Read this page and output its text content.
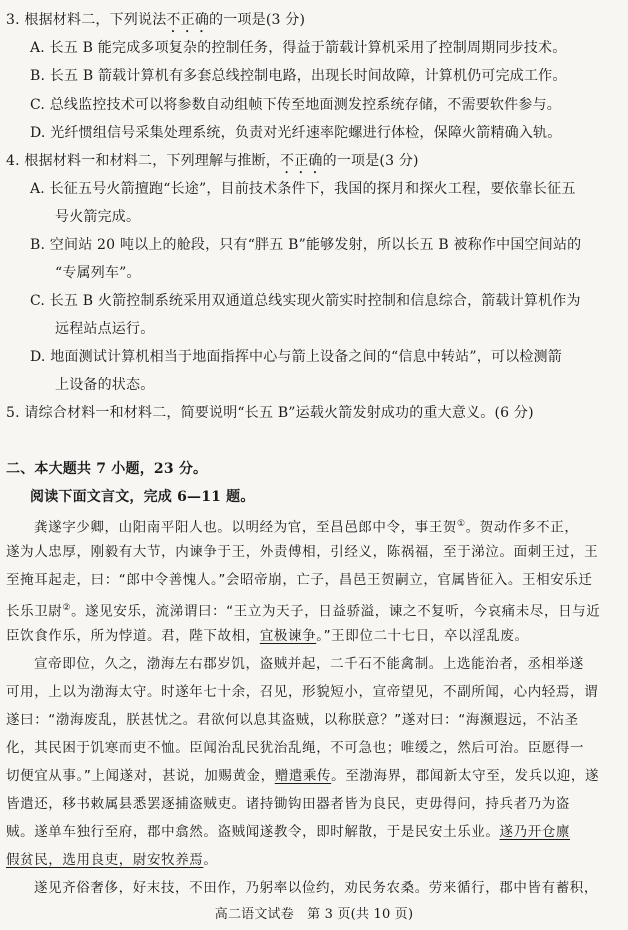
3. 根据材料二，下列说法不正确的一项是(3 分)
A. 长五 B 能完成多项复杂的控制任务，得益于箭载计算机采用了控制周期同步技术。
B. 长五 B 箭载计算机有多套总线控制电路，出现长时间故障，计算机仍可完成工作。
C. 总线监控技术可以将参数自动组帧下传至地面测发控系统存储，不需要软件参与。
D. 光纤惯组信号采集处理系统，负责对光纤速率陀螺进行体检，保障火箭精确入轨。
4. 根据材料一和材料二，下列理解与推断，不正确的一项是(3 分)
A. 长征五号火箭擅跑“长途”，目前技术条件下，我国的探月和探火工程，要依靠长征五
号火箭完成。
B. 空间站 20 吨以上的舱段，只有“胖五 B”能够发射，所以长五 B 被称作中国空间站的
“专属列车”。
C. 长五 B 火箭控制系统采用双通道总线实现火箭实时控制和信息综合，箭载计算机作为
远程站点运行。
D. 地面测试计算机相当于地面指挥中心与箭上设备之间的“信息中转站”，可以检测箭
上设备的状态。
5. 请综合材料一和材料二，简要说明“长五 B”运载火箭发射成功的重大意义。(6 分)
二、本大题共 7 小题，23 分。
阅读下面文言文，完成 6—11 题。
龚遂字少卿，山阳南平阳人也。以明经为官，至昌邑郎中令，事王贺①。贺动作多不正，
遂为人忠厚，刚毅有大节，内谏争于王，外责傅相，引经义，陈祸福，至于涕泣。面刺王过，王
至掩耳起走，曰：“郎中令善愧人。”会昭帝崩，亡子，昌邑王贺嗣立，官属皆征入。王相安乐迁
长乐卫尉②。遂见安乐，流涕谓曰：“王立为天子，日益骄溢，谏之不复听，今哀痛未尽，日与近
臣饮食作乐，所为悖道。君，陛下故相，宜极谏争。”王即位二十七日，卒以淫乱废。
宣帝即位，久之，渤海左右郡岁饥，盗贼并起，二千石不能禽制。上选能治者，丞相举遂
可用，上以为渤海太守。时遂年七十余，召见，形貌短小，宣帝望见，不副所闻，心内轻焉，谓
遂曰：“渤海废乱，朕甚忧之。君欲何以息其盗贼，以称朕意？”遂对曰：“海濒遐远，不沾圣
化，其民困于饥寒而吏不恤。臣闻治乱民犹治乱绳，不可急也；唯缓之，然后可治。臣愿得一
切便宜从事。”上闻遂对，甚说，加赐黄金，赠遣乘传。至渤海界，郡闻新太守至，发兵以迎，遂
皆遣还，移书敕属县悉罢逐捕盗贼吏。诸持锄钩田器者皆为良民，吏毋得问，持兵者乃为盗
贼。遂单车独行至府，郡中翕然。盗贼闻遂教令，即时解散，于是民安土乐业。遂乃开仓廪
假贫民，选用良吏，尉安牧养焉。
遂见齐俗奢侈，好末技，不田作，乃躬率以俭约，劝民务农桑。劳来循行，郡中皆有蓄积，
高二语文试卷　第 3 页(共 10 页)
